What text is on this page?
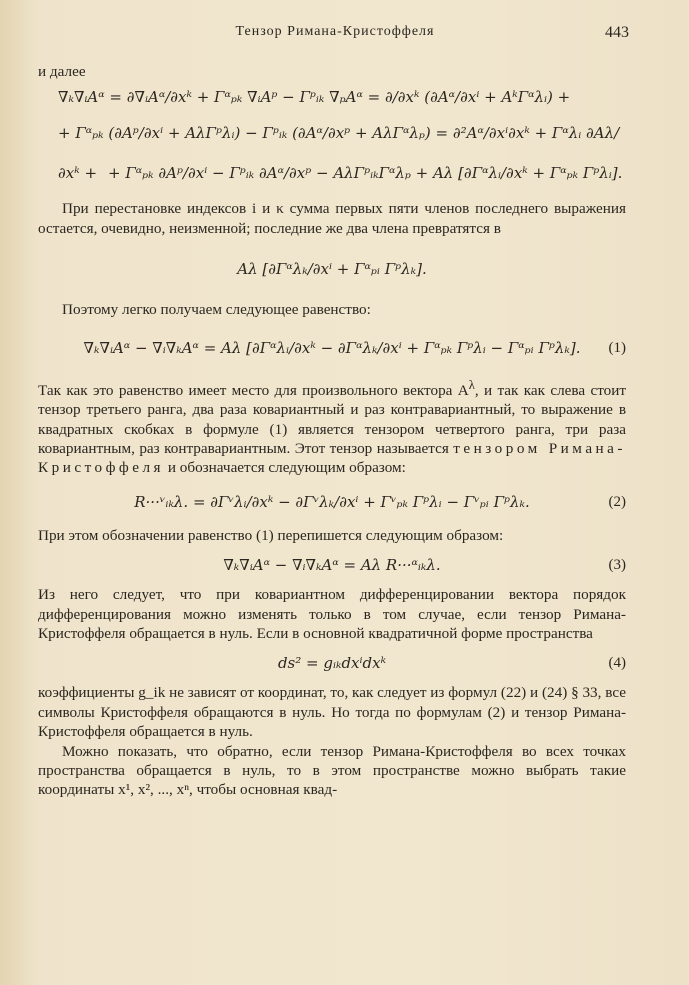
Тензор Римана-Кристоффеля	443

и далее

∇ₖ∇ᵢAᵅ = ∂∇ᵢAᵅ/∂xᵏ + Γᵅₚₖ ∇ᵢAᵖ − Γᵖᵢₖ ∇ₚAᵅ = ∂/∂xᵏ (∂Aᵅ/∂xⁱ + AᵏΓᵅλᵢ) +
+ Γᵅₚₖ (∂Aᵖ/∂xⁱ + AλΓᵖλᵢ) − Γᵖᵢₖ (∂Aᵅ/∂xᵖ + AλΓᵅλₚ) = ∂²Aᵅ/∂xⁱ∂xᵏ + Γᵅλᵢ ∂Aλ/∂xᵏ + + Γᵅₚₖ ∂Aᵖ/∂xⁱ − Γᵖᵢₖ ∂Aᵅ/∂xᵖ − AλΓᵖᵢₖΓᵅλₚ + Aλ [∂Γᵅλᵢ/∂xᵏ + Γᵅₚₖ Γᵖλᵢ].

При перестановке индексов i и κ сумма первых пяти членов последнего выражения остается, очевидно, неизменной; последние же два члена превратятся в

Aλ [∂Γᵅλₖ/∂xⁱ + Γᵅₚᵢ Γᵖλₖ].

Поэтому легко получаем следующее равенство:

∇ₖ∇ᵢAᵅ − ∇ᵢ∇ₖAᵅ = Aλ [∂Γᵅλᵢ/∂xᵏ − ∂Γᵅλₖ/∂xⁱ + Γᵅₚₖ Γᵖλᵢ − Γᵅₚᵢ Γᵖλₖ]. (1)

Так как это равенство имеет место для произвольного вектора $A^\lambda$, и так как слева стоит тензор третьего ранга, два раза ковариантный и раз контравариантный, то выражение в квадратных скобках в формуле (1) является тензором четвертого ранга, три раза ковариантным, раз контравариантным. Этот тензор называется тензором Римана-Кристоффеля и обозначается следующим образом:

R···ᵛᵢₖλ. = ∂Γᵛλᵢ/∂xᵏ − ∂Γᵛλₖ/∂xⁱ + Γᵛₚₖ Γᵖλᵢ − Γᵛₚᵢ Γᵖλₖ.	(2)

При этом обозначении равенство (1) перепишется следующим образом:

∇ₖ∇ᵢAᵅ − ∇ᵢ∇ₖAᵅ = Aλ R···ᵅᵢₖλ.	(3)

Из него следует, что при ковариантном дифференцировании вектора порядок дифференцирования можно изменять только в том случае, если тензор Римана-Кристоффеля обращается в нуль. Если в основной квадратичной форме пространства

ds² = gᵢₖdxⁱdxᵏ	(4)

коэффициенты g_ik не зависят от координат, то, как следует из формул (22) и (24) § 33, все символы Кристоффеля обращаются в нуль. Но тогда по формулам (2) и тензор Римана-Кристоффеля обращается в нуль.

Можно показать, что обратно, если тензор Римана-Кристоффеля во всех точках пространства обращается в нуль, то в этом пространстве можно выбрать такие координаты x¹, x², ..., xⁿ, чтобы основная квад-
